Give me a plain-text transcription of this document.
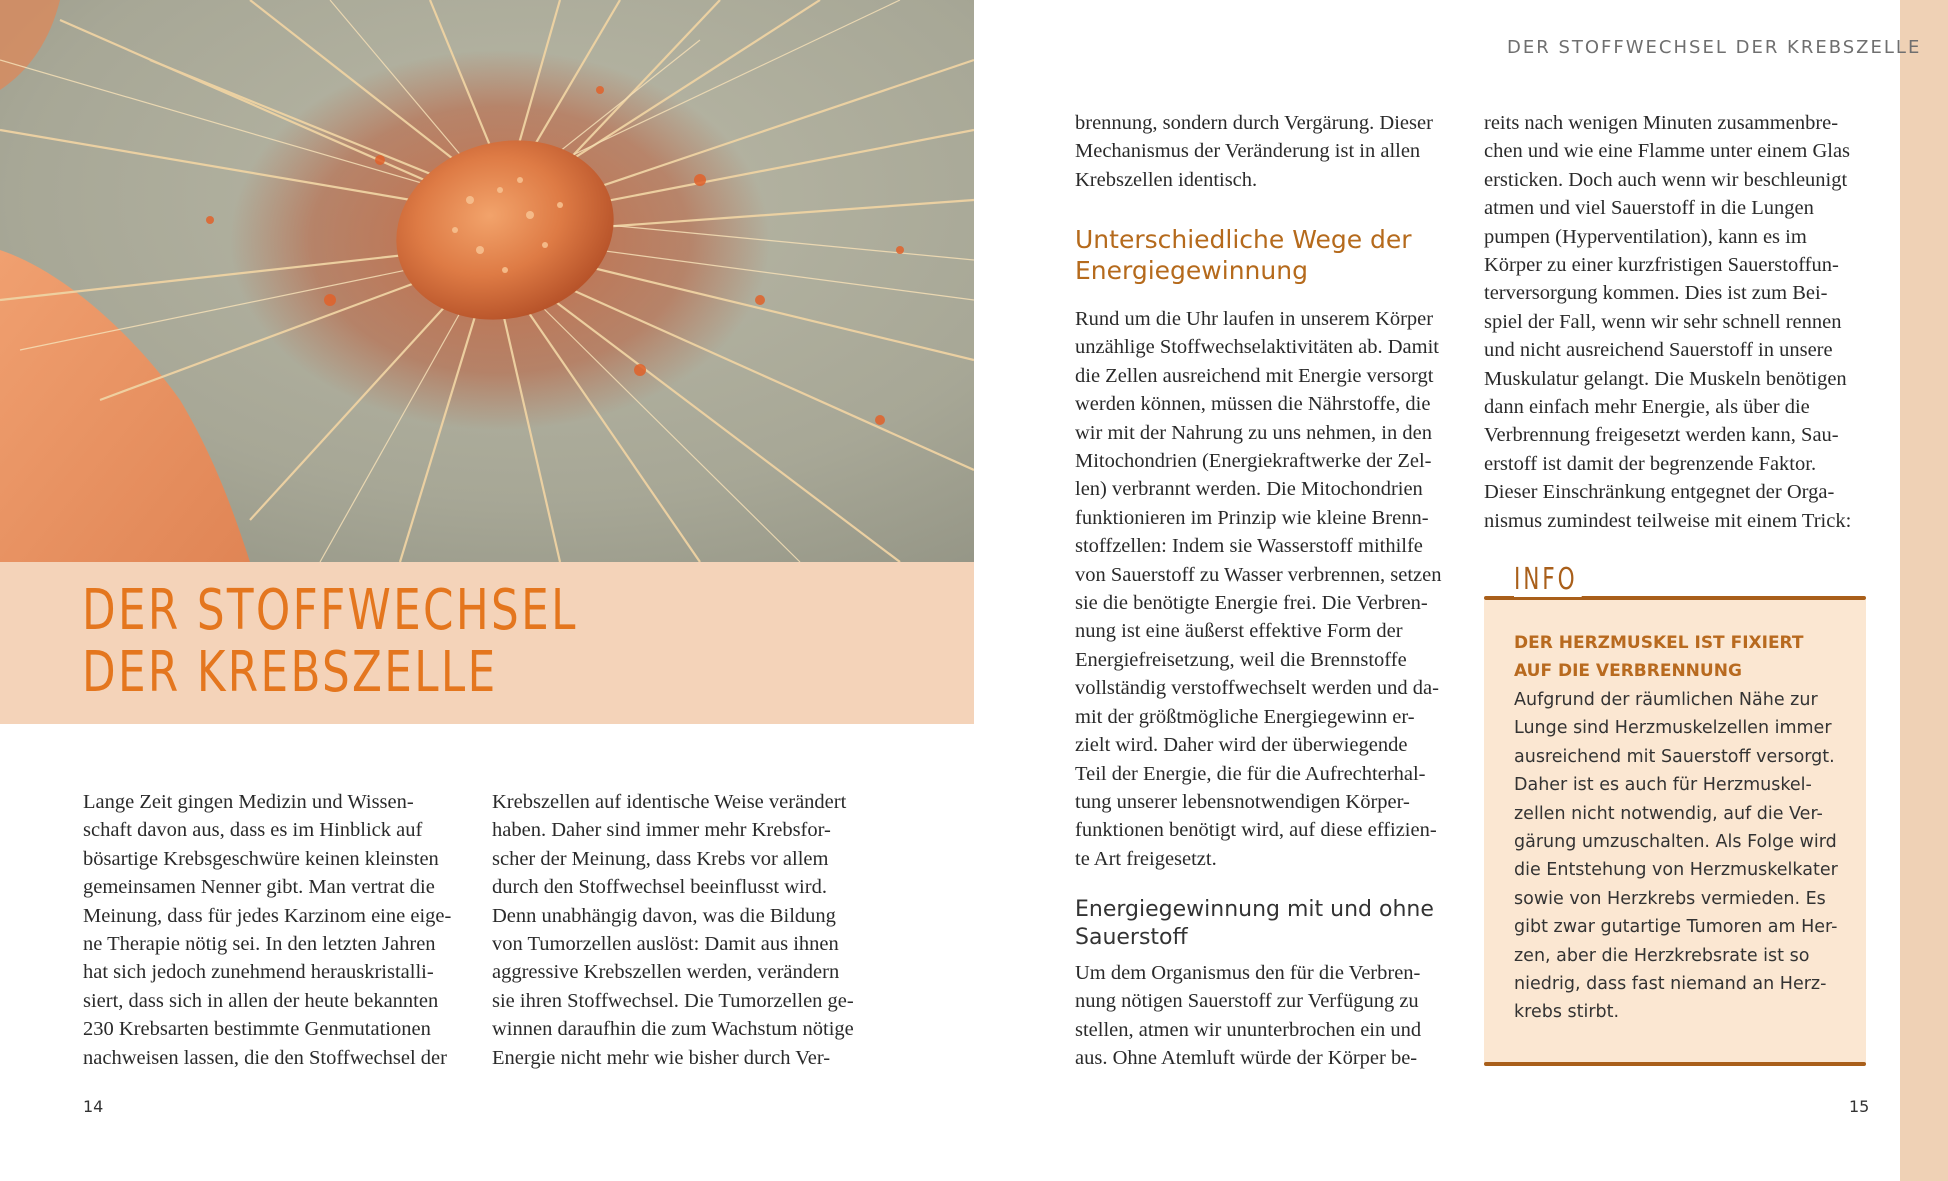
DER STOFFWECHSEL
DER KREBSZELLE

Lange Zeit gingen Medizin und Wissen-
schaft davon aus, dass es im Hinblick auf
bösartige Krebsgeschwüre keinen kleinsten
gemeinsamen Nenner gibt. Man vertrat die
Meinung, dass für jedes Karzinom eine eige-
ne Therapie nötig sei. In den letzten Jahren
hat sich jedoch zunehmend herauskristalli-
siert, dass sich in allen der heute bekannten
230 Krebsarten bestimmte Genmutationen
nachweisen lassen, die den Stoffwechsel der

Krebszellen auf identische Weise verändert
haben. Daher sind immer mehr Krebsfor-
scher der Meinung, dass Krebs vor allem
durch den Stoffwechsel beeinflusst wird.
Denn unabhängig davon, was die Bildung
von Tumorzellen auslöst: Damit aus ihnen
aggressive Krebszellen werden, verändern
sie ihren Stoffwechsel. Die Tumorzellen ge-
winnen daraufhin die zum Wachstum nötige
Energie nicht mehr wie bisher durch Ver-

14
DER STOFFWECHSEL DER KREBSZELLE

brennung, sondern durch Vergärung. Dieser
Mechanismus der Veränderung ist in allen
Krebszellen identisch.

Unterschiedliche Wege der
Energiegewinnung

Rund um die Uhr laufen in unserem Körper
unzählige Stoffwechselaktivitäten ab. Damit
die Zellen ausreichend mit Energie versorgt
werden können, müssen die Nährstoffe, die
wir mit der Nahrung zu uns nehmen, in den
Mitochondrien (Energiekraftwerke der Zel-
len) verbrannt werden. Die Mitochondrien
funktionieren im Prinzip wie kleine Brenn-
stoffzellen: Indem sie Wasserstoff mithilfe
von Sauerstoff zu Wasser verbrennen, setzen
sie die benötigte Energie frei. Die Verbren-
nung ist eine äußerst effektive Form der
Energiefreisetzung, weil die Brennstoffe
vollständig verstoffwechselt werden und da-
mit der größtmögliche Energiegewinn er-
zielt wird. Daher wird der überwiegende
Teil der Energie, die für die Aufrechterhal-
tung unserer lebensnotwendigen Körper-
funktionen benötigt wird, auf diese effizien-
te Art freigesetzt.

Energiegewinnung mit und ohne
Sauerstoff

Um dem Organismus den für die Verbren-
nung nötigen Sauerstoff zur Verfügung zu
stellen, atmen wir ununterbrochen ein und
aus. Ohne Atemluft würde der Körper be-

reits nach wenigen Minuten zusammenbre-
chen und wie eine Flamme unter einem Glas
ersticken. Doch auch wenn wir beschleunigt
atmen und viel Sauerstoff in die Lungen
pumpen (Hyperventilation), kann es im
Körper zu einer kurzfristigen Sauerstoffun-
terversorgung kommen. Dies ist zum Bei-
spiel der Fall, wenn wir sehr schnell rennen
und nicht ausreichend Sauerstoff in unsere
Muskulatur gelangt. Die Muskeln benötigen
dann einfach mehr Energie, als über die
Verbrennung freigesetzt werden kann, Sau-
erstoff ist damit der begrenzende Faktor.
Dieser Einschränkung entgegnet der Orga-
nismus zumindest teilweise mit einem Trick:

INFO
DER HERZMUSKEL IST FIXIERT
AUF DIE VERBRENNUNG

Aufgrund der räumlichen Nähe zur
Lunge sind Herzmuskelzellen immer
ausreichend mit Sauerstoff versorgt.
Daher ist es auch für Herzmuskel-
zellen nicht notwendig, auf die Ver-
gärung umzuschalten. Als Folge wird
die Entstehung von Herzmuskelkater
sowie von Herzkrebs vermieden. Es
gibt zwar gutartige Tumoren am Her-
zen, aber die Herzkrebsrate ist so
niedrig, dass fast niemand an Herz-
krebs stirbt.

15
